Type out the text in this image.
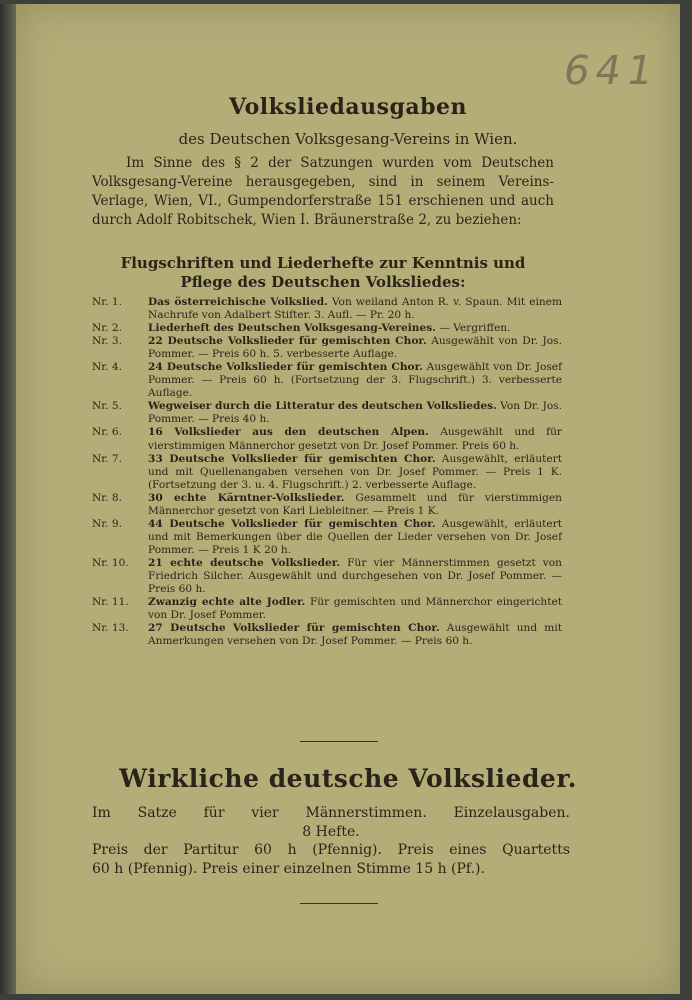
641
Volksliedausgaben
des Deutschen Volksgesang-Vereins in Wien.

Im Sinne des § 2 der Satzungen wurden vom Deutschen Volksgesang-Vereine herausgegeben, sind in seinem Vereins-Verlage, Wien, VI., Gumpendorferstraße 151 erschienen und auch durch Adolf Robitschek, Wien I. Bräunerstraße 2, zu beziehen:

Flugschriften und Liederhefte zur Kenntnis und
Pflege des Deutschen Volksliedes:
Nr. 1.	Das österreichische Volkslied. Von weiland Anton R. v. Spaun. Mit einem Nachrufe von Adalbert Stifter. 3. Aufl. — Pr. 20 h.
Nr. 2.	Liederheft des Deutschen Volksgesang-Vereines. — Vergriffen.
Nr. 3.	22 Deutsche Volkslieder für gemischten Chor. Ausgewählt von Dr. Jos. Pommer. — Preis 60 h. 5. verbesserte Auflage.
Nr. 4.	24 Deutsche Volkslieder für gemischten Chor. Ausgewählt von Dr. Josef Pommer. — Preis 60 h. (Fortsetzung der 3. Flugschrift.) 3. verbesserte Auflage.
Nr. 5.	Wegweiser durch die Litteratur des deutschen Volksliedes. Von Dr. Jos. Pommer. — Preis 40 h.
Nr. 6.	16 Volkslieder aus den deutschen Alpen. Ausgewählt und für vierstimmigen Männerchor gesetzt von Dr. Josef Pommer. Preis 60 h.
Nr. 7.	33 Deutsche Volkslieder für gemischten Chor. Ausgewählt, erläutert und mit Quellenangaben versehen von Dr. Josef Pommer. — Preis 1 K. (Fortsetzung der 3. u. 4. Flugschrift.) 2. verbesserte Auflage.
Nr. 8.	30 echte Kärntner-Volkslieder. Gesammelt und für vierstimmigen Männerchor gesetzt von Karl Liebleitner. — Preis 1 K.
Nr. 9.	44 Deutsche Volkslieder für gemischten Chor. Ausgewählt, erläutert und mit Bemerkungen über die Quellen der Lieder versehen von Dr. Josef Pommer. — Preis 1 K 20 h.
Nr. 10.	21 echte deutsche Volkslieder. Für vier Männerstimmen gesetzt von Friedrich Silcher. Ausgewählt und durchgesehen von Dr. Josef Pommer. — Preis 60 h.
Nr. 11.	Zwanzig echte alte Jodler. Für gemischten und Männerchor eingerichtet von Dr. Josef Pommer.
Nr. 13.	27 Deutsche Volkslieder für gemischten Chor. Ausgewählt und mit Anmerkungen versehen von Dr. Josef Pommer. — Preis 60 h.
Wirkliche deutsche Volkslieder.
Im Satze für vier Männerstimmen. Einzelausgaben.
8 Hefte.
Preis der Partitur 60 h (Pfennig). Preis eines Quartetts
60 h (Pfennig). Preis einer einzelnen Stimme 15 h (Pf.).
